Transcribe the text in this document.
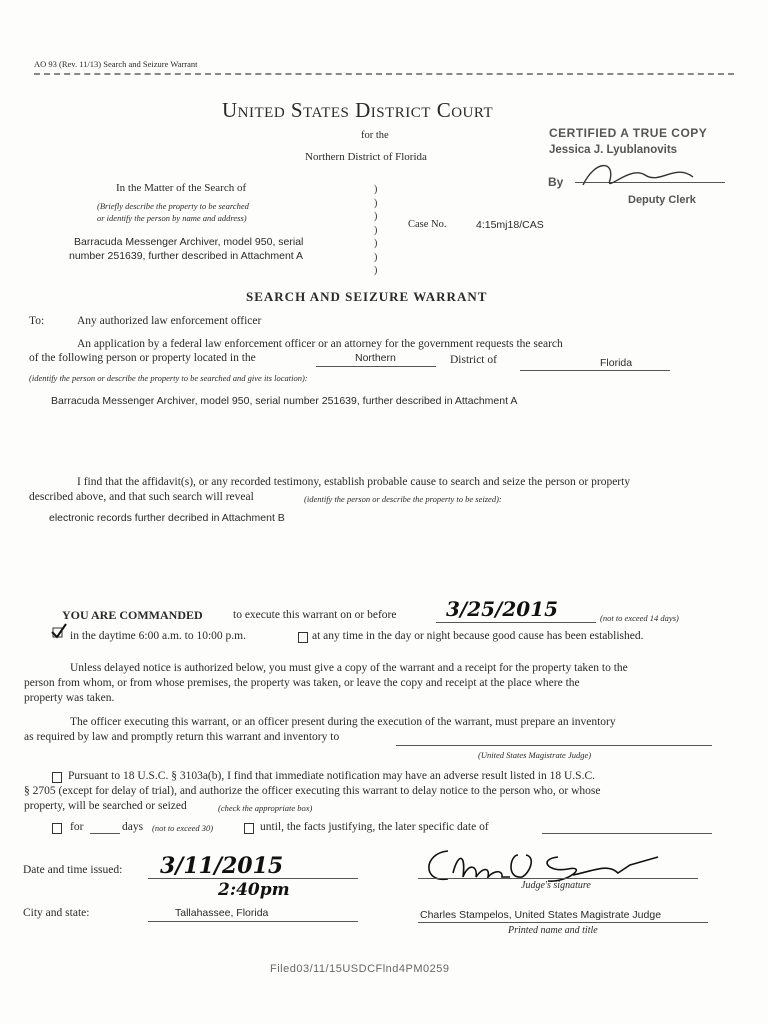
AO 93 (Rev. 11/13) Search and Seizure Warrant
United States District Court
for the
Northern District of Florida
CERTIFIED A TRUE COPY
Jessica J. Lyublanovits
By
Deputy Clerk
In the Matter of the Search of
(Briefly describe the property to be searched
or identify the person by name and address)
Barracuda Messenger Archiver, model 950, serial
number 251639, further described in Attachment A
)
)
)
)
)
)
)
Case No.	4:15mj18/CAS
SEARCH AND SEIZURE WARRANT
To:	Any authorized law enforcement officer
An application by a federal law enforcement officer or an attorney for the government requests the search
of the following person or property located in the	Northern	District of	Florida
(identify the person or describe the property to be searched and give its location):
Barracuda Messenger Archiver, model 950, serial number 251639, further described in Attachment A
I find that the affidavit(s), or any recorded testimony, establish probable cause to search and seize the person or property
described above, and that such search will reveal	(identify the person or describe the property to be seized):
electronic records further decribed in Attachment B
YOU ARE COMMANDED	to execute this warrant on or before 3/25/2015	(not to exceed 14 days)
in the daytime 6:00 a.m. to 10:00 p.m.	at any time in the day or night because good cause has been established.
Unless delayed notice is authorized below, you must give a copy of the warrant and a receipt for the property taken to the
person from whom, or from whose premises, the property was taken, or leave the copy and receipt at the place where the
property was taken.
The officer executing this warrant, or an officer present during the execution of the warrant, must prepare an inventory
as required by law and promptly return this warrant and inventory to
(United States Magistrate Judge)
Pursuant to 18 U.S.C. § 3103a(b), I find that immediate notification may have an adverse result listed in 18 U.S.C.
§ 2705 (except for delay of trial), and authorize the officer executing this warrant to delay notice to the person who, or whose
property, will be searched or seized	(check the appropriate box)
for	days (not to exceed 30)	until, the facts justifying, the later specific date of
Date and time issued: 3/11/2015
2:40pm	Judge's signature
City and state:	Tallahassee, Florida	Charles Stampelos, United States Magistrate Judge
Printed name and title
Filed03/11/15USDCFlnd4PM0259
